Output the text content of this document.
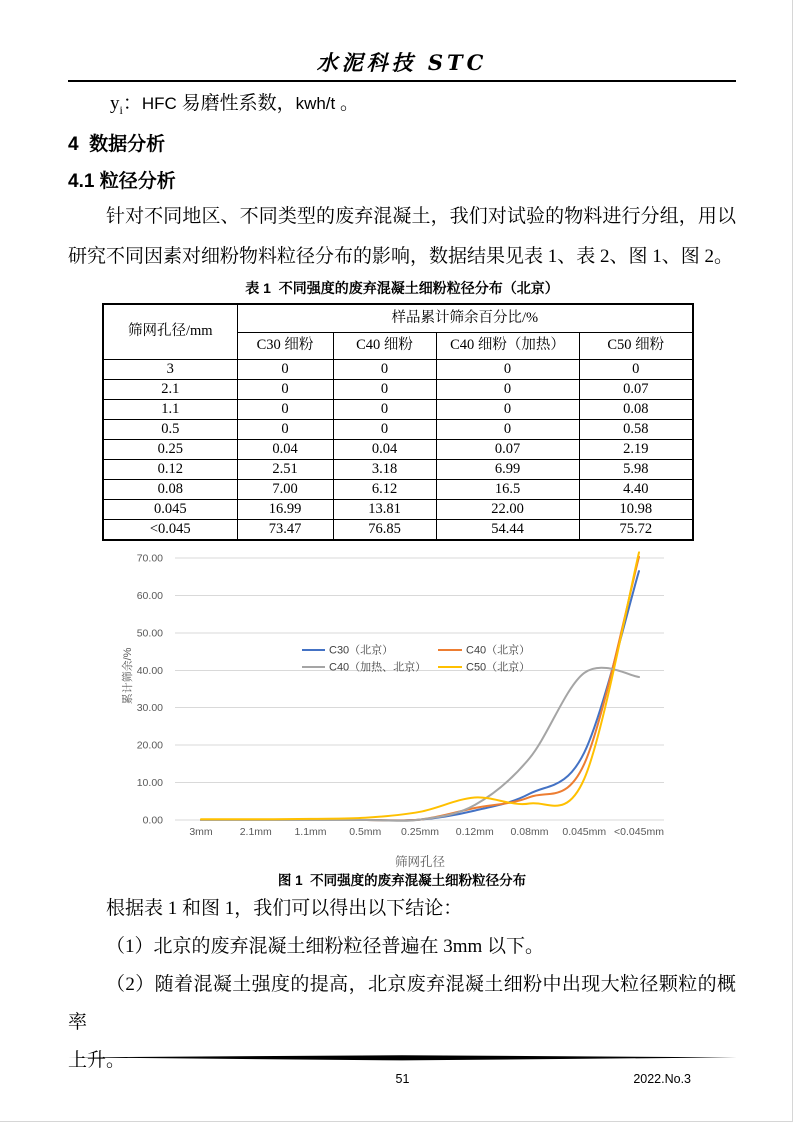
水泥科技 STC
$y_i$：HFC 易磨性系数，kwh/t 。
4  数据分析
4.1 粒径分析
针对不同地区、不同类型的废弃混凝土，我们对试验的物料进行分组，用以
研究不同因素对细粉物料粒径分布的影响，数据结果见表 1、表 2、图 1、图 2。
表 1  不同强度的废弃混凝土细粉粒径分布（北京）
筛网孔径/mm	样品累计筛余百分比/%			
	C30 细粉	C40 细粉	C40 细粉（加热）	C50 细粉
3	0	0	0	0
2.1	0	0	0	0.07
1.1	0	0	0	0.08
0.5	0	0	0	0.58
0.25	0.04	0.04	0.07	2.19
0.12	2.51	3.18	6.99	5.98
0.08	7.00	6.12	16.5	4.40
0.045	16.99	13.81	22.00	10.98
<0.045	73.47	76.85	54.44	75.72
0.00
10.00
20.00
30.00
40.00
50.00
60.00
70.00
3mm	2.1mm 1.1mm 0.5mm 0.25mm 0.12mm 0.08mm 0.045mm <0.045mm
累计筛余/%
筛网孔径
C30（北京）	C40（北京）
C40（加热、北京）	C50（北京）
图 1  不同强度的废弃混凝土细粉粒径分布
根据表 1 和图 1，我们可以得出以下结论：
（1）北京的废弃混凝土细粉粒径普遍在 3mm 以下。
（2）随着混凝土强度的提高，北京废弃混凝土细粉中出现大粒径颗粒的概率
上升。
51	2022.No.3
